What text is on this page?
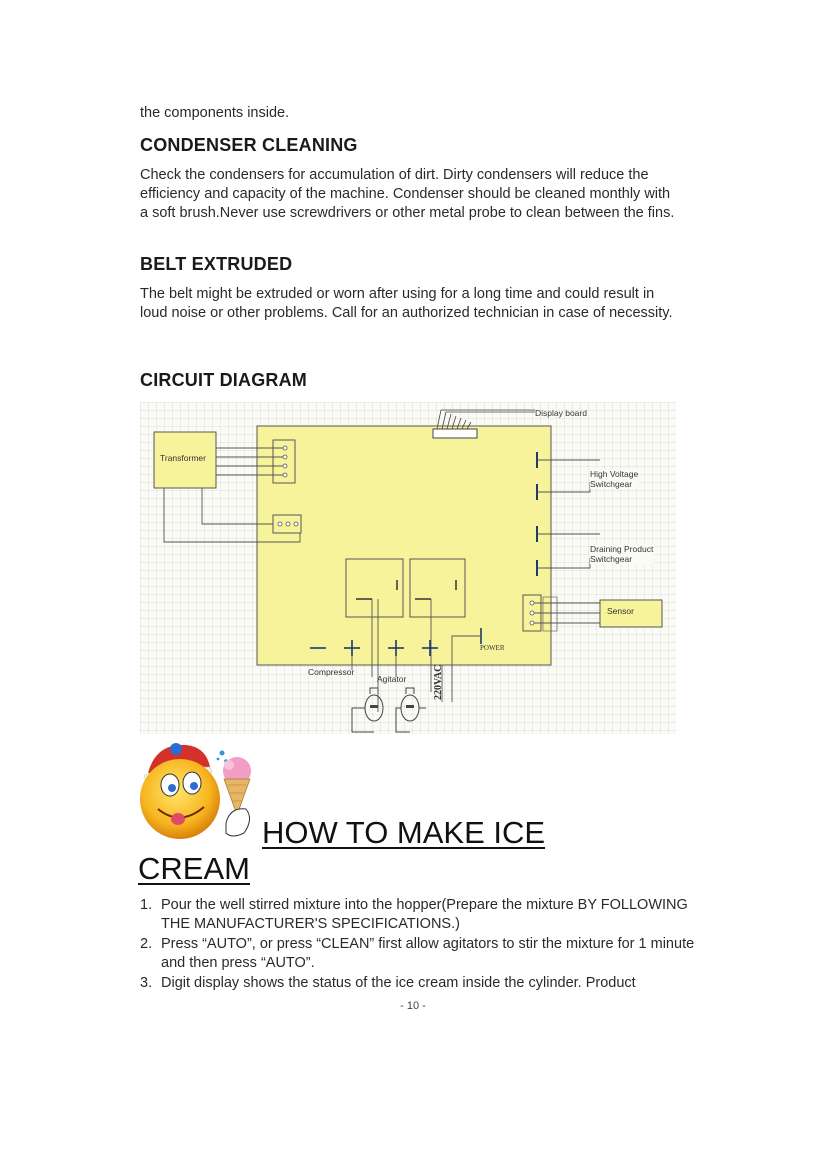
the components inside.
CONDENSER CLEANING
Check the condensers for accumulation of dirt. Dirty condensers will reduce the efficiency and capacity of the machine. Condenser should be cleaned monthly with a soft brush.Never use screwdrivers or other metal probe to clean between the fins.
BELT EXTRUDED
The belt might be extruded or worn after using for a long time and could result in loud noise or other problems. Call for an authorized technician in case of necessity.
CIRCUIT DIAGRAM
Display board
Transformer
High Voltage
Switchgear
Draining Product
Switchgear
Sensor
POWER
Compressor
Agitator	220VAC
HOW TO MAKE ICE
CREAM
1. Pour the well stirred mixture into the hopper(Prepare the mixture BY FOLLOWING THE MANUFACTURER'S SPECIFICATIONS.)
2. Press “AUTO”, or press “CLEAN” first allow agitators to stir the mixture for 1 minute and then press “AUTO”.
3. Digit display shows the status of the ice cream inside the cylinder. Product
- 10 -
